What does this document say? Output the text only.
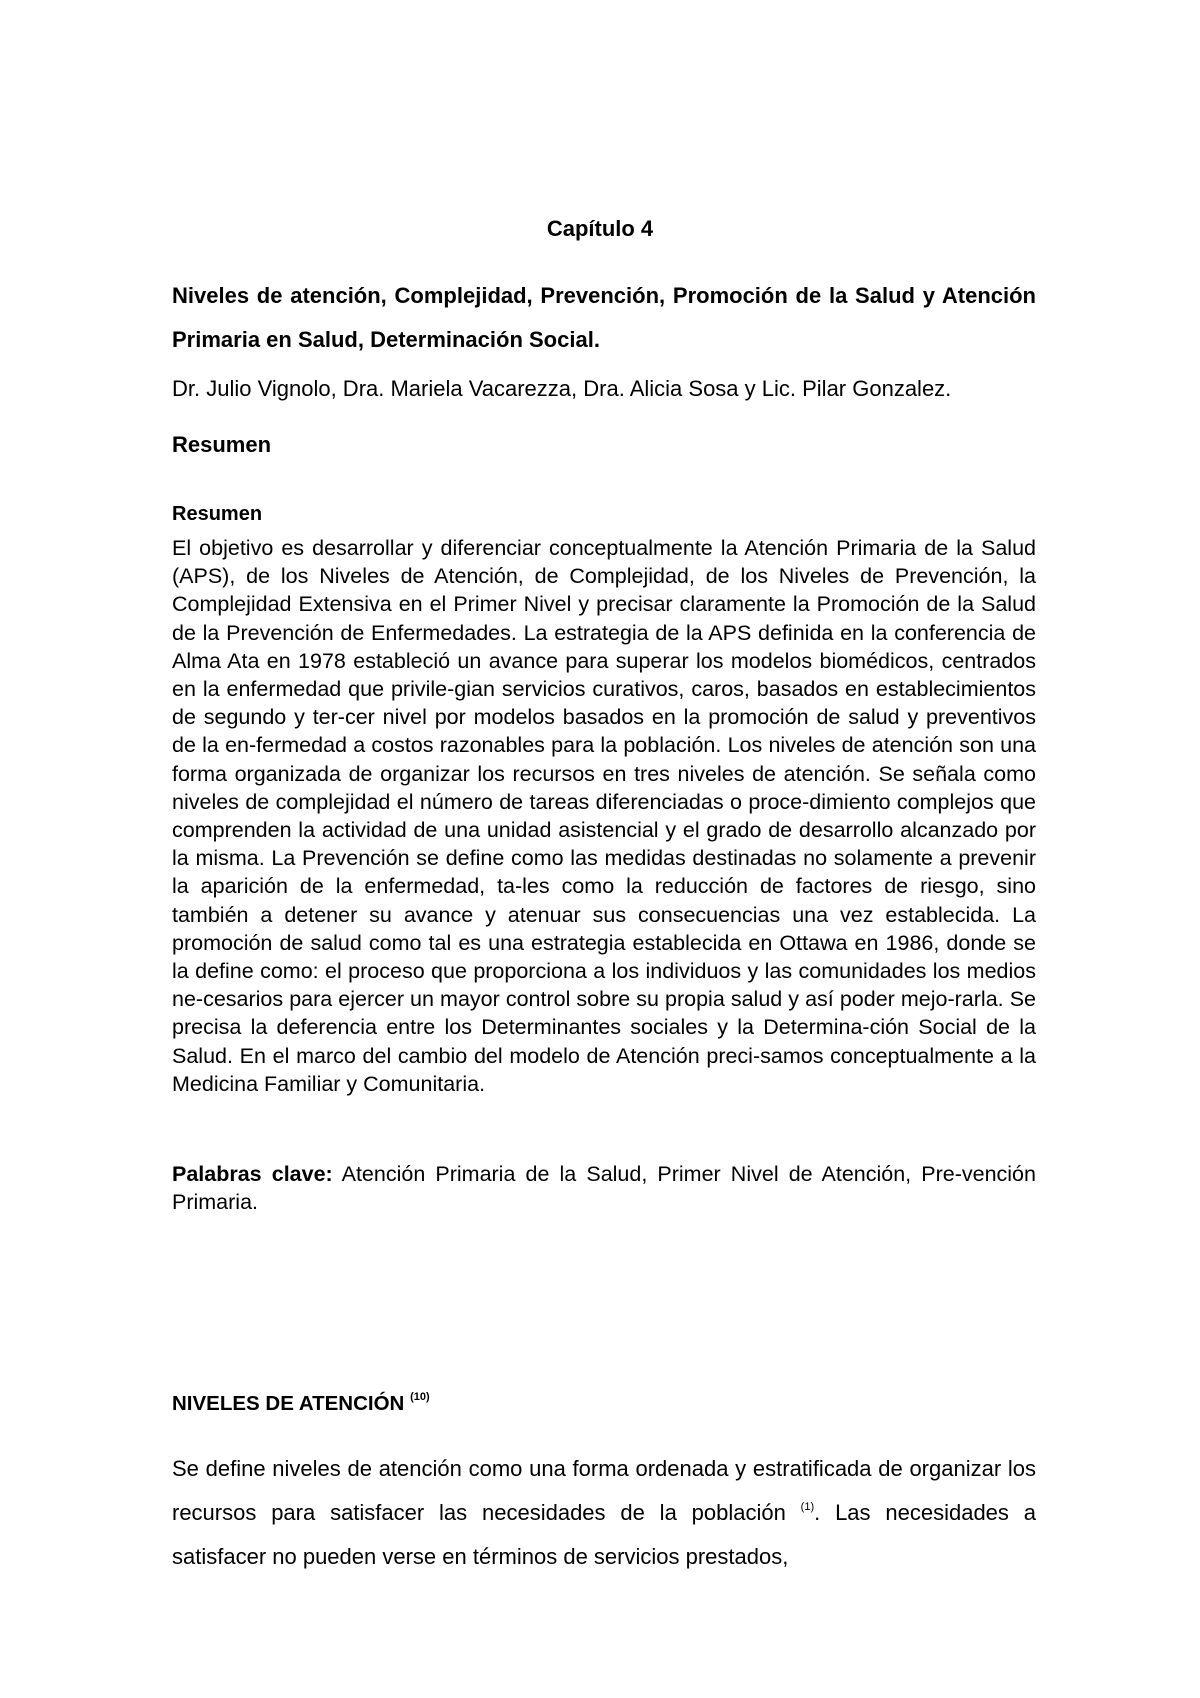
Capítulo 4
Niveles de atención, Complejidad, Prevención, Promoción de la Salud y Atención Primaria en Salud, Determinación Social.

Dr. Julio Vignolo, Dra. Mariela Vacarezza, Dra. Alicia Sosa y Lic. Pilar Gonzalez.

Resumen
Resumen

El objetivo es desarrollar y diferenciar conceptualmente la Atención Primaria de la Salud (APS), de los Niveles de Atención, de Complejidad, de los Niveles de Prevención, la Complejidad Extensiva en el Primer Nivel y precisar claramente la Promoción de la Salud de la Prevención de Enfermedades. La estrategia de la APS definida en la conferencia de Alma Ata en 1978 estableció un avance para superar los modelos biomédicos, centrados en la enfermedad que privile-gian servicios curativos, caros, basados en establecimientos de segundo y ter-cer nivel por modelos basados en la promoción de salud y preventivos de la en-fermedad a costos razonables para la población. Los niveles de atención son una forma organizada de organizar los recursos en tres niveles de atención. Se señala como niveles de complejidad el número de tareas diferenciadas o proce-dimiento complejos que comprenden la actividad de una unidad asistencial y el grado de desarrollo alcanzado por la misma. La Prevención se define como las medidas destinadas no solamente a prevenir la aparición de la enfermedad, ta-les como la reducción de factores de riesgo, sino también a detener su avance y atenuar sus consecuencias una vez establecida. La promoción de salud como tal es una estrategia establecida en Ottawa en 1986, donde se la define como: el proceso que proporciona a los individuos y las comunidades los medios ne-cesarios para ejercer un mayor control sobre su propia salud y así poder mejo-rarla. Se precisa la deferencia entre los Determinantes sociales y la Determina-ción Social de la Salud. En el marco del cambio del modelo de Atención preci-samos conceptualmente a la Medicina Familiar y Comunitaria.

Palabras clave: Atención Primaria de la Salud, Primer Nivel de Atención, Pre-vención Primaria.

NIVELES DE ATENCIÓN $^{(10)}$

Se define niveles de atención como una forma ordenada y estratificada de organizar los recursos para satisfacer las necesidades de la población $^{(1)}$. Las necesidades a satisfacer no pueden verse en términos de servicios prestados,
